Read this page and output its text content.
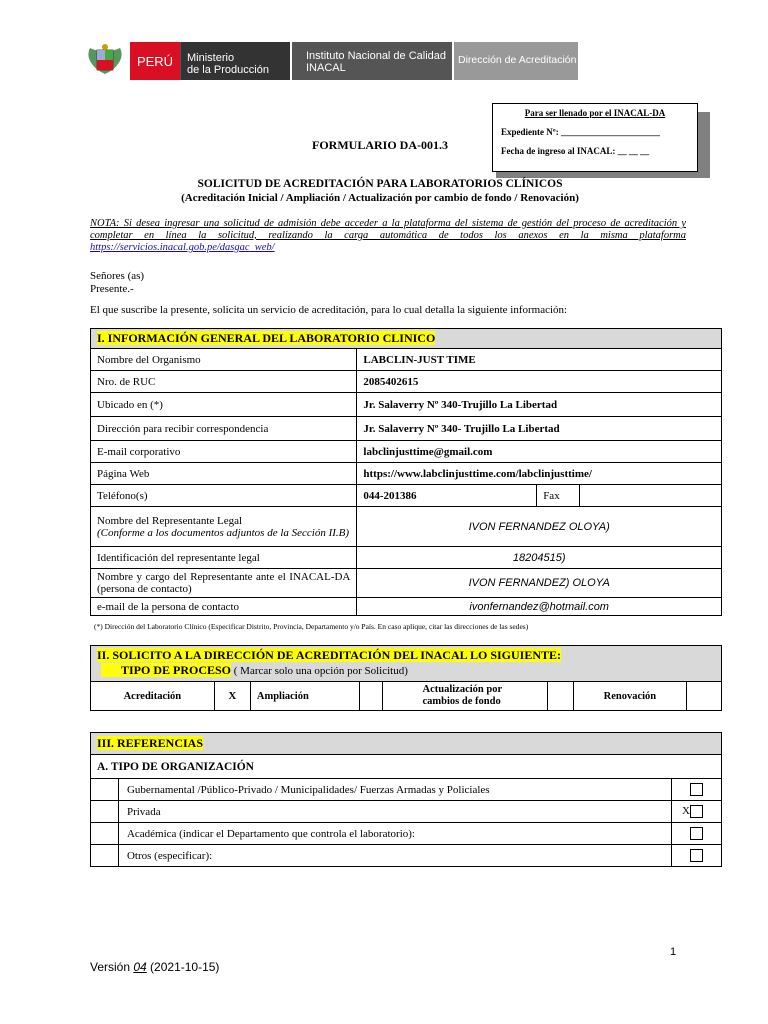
PERÚ	Ministerio
de la Producción
Instituto Nacional de Calidad
INACAL
Dirección de Acreditación
Para ser llenado por el INACAL-DA

Expediente Nº: ______________________

Fecha de ingreso al INACAL: __ __ __

FORMULARIO DA-001.3
SOLICITUD DE ACREDITACIÓN PARA LABORATORIOS CLÍNICOS
(Acreditación Inicial / Ampliación / Actualización por cambio de fondo / Renovación)
NOTA: Si desea ingresar una solicitud de admisión debe acceder a la plataforma del sistema de gestión del proceso de acreditación y completar en línea la solicitud, realizando la carga automática de todos los anexos en la misma plataforma https://servicios.inacal.gob.pe/dasgac_web/
Señores (as)
Presente.-
El que suscribe la presente, solicita un servicio de acreditación, para lo cual detalla la siguiente información:
I. INFORMACIÓN GENERAL DEL LABORATORIO CLINICO			
Nombre del Organismo	LABCLIN-JUST TIME		
Nro. de RUC	2085402615		
Ubicado en (*)	Jr. Salaverry Nº 340-Trujillo La Libertad		
Dirección para recibir correspondencia	Jr. Salaverry Nº 340- Trujillo La Libertad		
E-mail corporativo	labclinjusttime@gmail.com		
Página Web	https://www.labclinjusttime.com/labclinjusttime/		
Teléfono(s)	044-201386	Fax	

Nombre del Representante Legal
(Conforme a los documentos adjuntos de la Sección II.B)	IVON FERNANDEZ OLOYA)		
Identificación del representante legal	18204515)		
Nombre y cargo del Representante ante el INACAL-DA (persona de contacto)	IVON FERNANDEZ) OLOYA		
e-mail de la persona de contacto	ivonfernandez@hotmail.com		
(*) Dirección del Laboratorio Clínico (Especificar Distrito, Provincia, Departamento y/o País. En caso aplique, citar las direcciones de las sedes)
II. SOLICITO A LA DIRECCIÓN DE ACREDITACIÓN DEL INACAL LO SIGUIENTE:
TIPO DE PROCESO ( Marcar solo una opción por Solicitud)

Acreditación	X	Ampliación		Actualización por cambios de fondo		Renovación	
III. REFERENCIAS		
A. TIPO DE ORGANIZACIÓN		
	Gubernamental /Público-Privado / Municipalidades/ Fuerzas Armadas y Policiales	
	Privada	X
	Académica (indicar el Departamento que controla el laboratorio):	
	Otros (especificar):	
1
Versión 04 (2021-10-15)
